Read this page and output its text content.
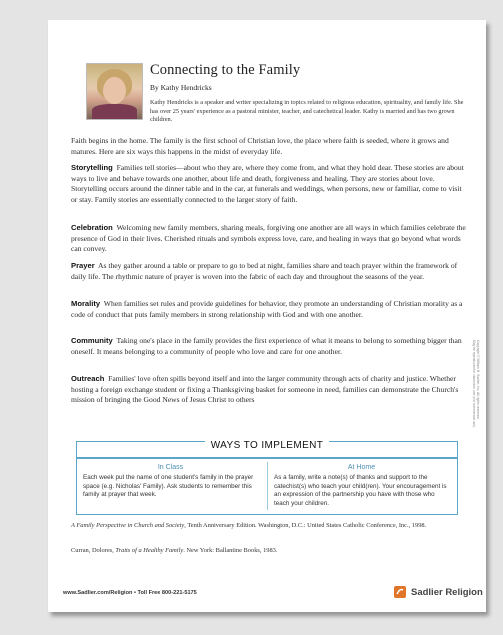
Connecting to the Family
By Kathy Hendricks
Kathy Hendricks is a speaker and writer specializing in topics related to religious education, spirituality, and family life. She has over 25 years' experience as a pastoral minister, teacher, and catechetical leader. Kathy is married and has two grown children.
Faith begins in the home. The family is the first school of Christian love, the place where faith is seeded, where it grows and matures. Here are six ways this happens in the midst of everyday life.
Storytelling Families tell stories—about who they are, where they come from, and what they hold dear. These stories are about ways to live and behave towards one another, about life and death, forgiveness and healing. They are stories about love. Storytelling occurs around the dinner table and in the car, at funerals and weddings, when persons, new or familiar, come to visit or stay. Family stories are essentially connected to the larger story of faith.
Celebration Welcoming new family members, sharing meals, forgiving one another are all ways in which families celebrate the presence of God in their lives. Cherished rituals and symbols express love, care, and healing in ways that go beyond what words can convey.
Prayer As they gather around a table or prepare to go to bed at night, families share and teach prayer within the framework of daily life. The rhythmic nature of prayer is woven into the fabric of each day and throughout the seasons of the year.
Morality When families set rules and provide guidelines for behavior, they promote an understanding of Christian morality as a code of conduct that puts family members in strong relationship with God and with one another.
Community Taking one's place in the family provides the first experience of what it means to belong to something bigger than oneself. It means belonging to a community of people who love and care for one another.
Outreach Families' love often spills beyond itself and into the larger community through acts of charity and justice. Whether hosting a foreign exchange student or fixing a Thanksgiving basket for someone in need, families can demonstrate the Church's mission of bringing the Good News of Jesus Christ to others
WAYS TO IMPLEMENT
In Class

Each week put the name of one student's family in the prayer space (e.g. Nicholas' Family). Ask students to remember this family at prayer that week.

At Home

As a family, write a note(s) of thanks and support to the catechist(s) who teach your child(ren). Your encouragement is an expression of the partnership you have with those who teach your children.

A Family Perspective in Church and Society, Tenth Anniversary Edition. Washington, D.C.: United States Catholic Conference, Inc., 1998.
Curran, Dolores, Traits of a Healthy Family. New York: Ballantine Books, 1983.
www.Sadlier.com/Religion • Toll Free 800-221-5175	Sadlier Religion
Copyright © William H. Sadlier, Inc. All rights reserved.
May be reproduced for classroom use (not commercial use).
